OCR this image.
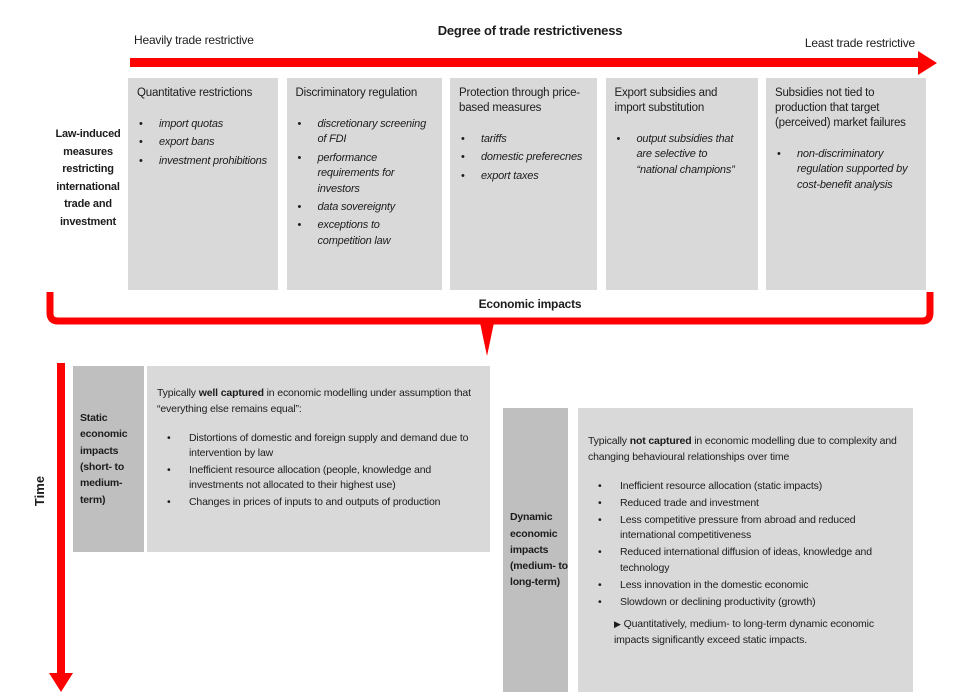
Heavily trade restrictive
Degree of trade restrictiveness
Least trade restrictive
Law-induced measures restricting international trade and investment
Quantitative restrictions
• import quotas
• export bans
• investment prohibitions
Discriminatory regulation
• discretionary screening of FDI
• performance requirements for investors
• data sovereignty
• exceptions to competition law
Protection through price-based measures
• tariffs
• domestic preferecnes
• export taxes
Export subsidies and import substitution
• output subsidies that are selective to “national champions”
Subsidies not tied to production that target (perceived) market failures
• non-discriminatory regulation supported by cost-benefit analysis
Economic impacts
Time
Static economic impacts (short- to medium-term)

Typically well captured in economic modelling under assumption that “everything else remains equal”:

• Distortions of domestic and foreign supply and demand due to intervention by law
• Inefficient resource allocation (people, knowledge and investments not allocated to their highest use)
• Changes in prices of inputs to and outputs of production
Dynamic economic impacts (medium- to long-term)

Typically not captured in economic modelling due to complexity and changing behavioural relationships over time

• Inefficient resource allocation (static impacts)
• Reduced trade and investment
• Less competitive pressure from abroad and reduced international competitiveness
• Reduced international diffusion of ideas, knowledge and technology
• Less innovation in the domestic economic
• Slowdown or declining productivity (growth)
▶ Quantitatively, medium- to long-term dynamic economic impacts significantly exceed static impacts.
